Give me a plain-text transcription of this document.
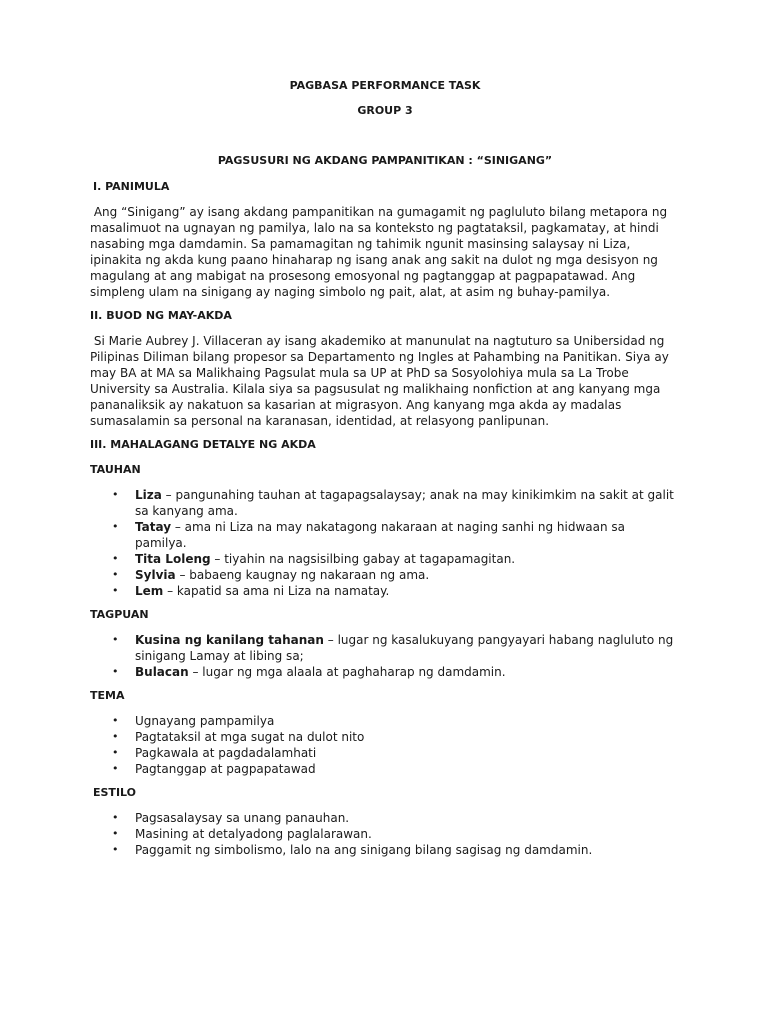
PAGBASA PERFORMANCE TASK

GROUP 3

PAGSUSURI NG AKDANG PAMPANITIKAN : “SINIGANG”

I. PANIMULA

Ang “Sinigang” ay isang akdang pampanitikan na gumagamit ng pagluluto bilang metapora ng masalimuot na ugnayan ng pamilya, lalo na sa konteksto ng pagtataksil, pagkamatay, at hindi nasabing mga damdamin. Sa pamamagitan ng tahimik ngunit masinsing salaysay ni Liza, ipinakita ng akda kung paano hinaharap ng isang anak ang sakit na dulot ng mga desisyon ng magulang at ang mabigat na prosesong emosyonal ng pagtanggap at pagpapatawad. Ang simpleng ulam na sinigang ay naging simbolo ng pait, alat, at asim ng buhay-pamilya.

II. BUOD NG MAY-AKDA

Si Marie Aubrey J. Villaceran ay isang akademiko at manunulat na nagtuturo sa Unibersidad ng Pilipinas Diliman bilang propesor sa Departamento ng Ingles at Pahambing na Panitikan. Siya ay may BA at MA sa Malikhaing Pagsulat mula sa UP at PhD sa Sosyolohiya mula sa La Trobe University sa Australia. Kilala siya sa pagsusulat ng malikhaing nonfiction at ang kanyang mga pananaliksik ay nakatuon sa kasarian at migrasyon. Ang kanyang mga akda ay madalas sumasalamin sa personal na karanasan, identidad, at relasyong panlipunan.

III. MAHALAGANG DETALYE NG AKDA

TAUHAN

• Liza – pangunahing tauhan at tagapagsalaysay; anak na may kinikimkim na sakit at galit sa kanyang ama.
• Tatay – ama ni Liza na may nakatagong nakaraan at naging sanhi ng hidwaan sa pamilya.
• Tita Loleng – tiyahin na nagsisilbing gabay at tagapamagitan.
• Sylvia – babaeng kaugnay ng nakaraan ng ama.
• Lem – kapatid sa ama ni Liza na namatay.

TAGPUAN

• Kusina ng kanilang tahanan – lugar ng kasalukuyang pangyayari habang nagluluto ng sinigang Lamay at libing sa;
• Bulacan – lugar ng mga alaala at paghaharap ng damdamin.

TEMA

• Ugnayang pampamilya
• Pagtataksil at mga sugat na dulot nito
• Pagkawala at pagdadalamhati
• Pagtanggap at pagpapatawad

ESTILO

• Pagsasalaysay sa unang panauhan.
• Masining at detalyadong paglalarawan.
• Paggamit ng simbolismo, lalo na ang sinigang bilang sagisag ng damdamin.
